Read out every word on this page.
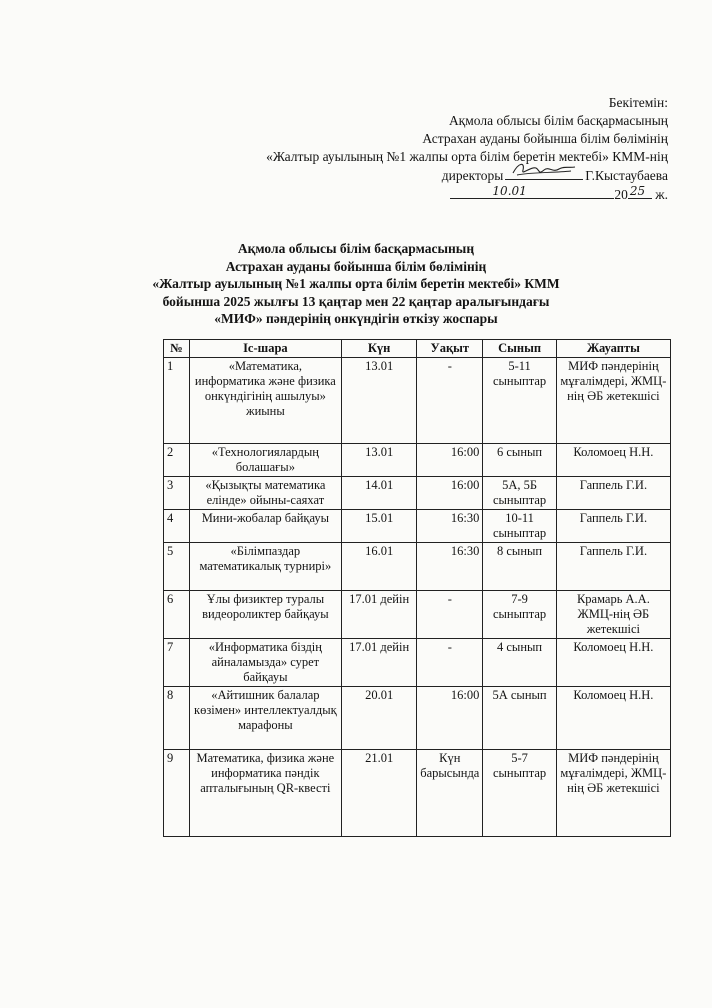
Бекітемін:
Ақмола облысы білім басқармасының
Астрахан ауданы бойынша білім бөлімінің
«Жалтыр ауылының №1 жалпы орта білім беретін мектебі» КММ-нің
директоры	Г.Кыстаубаева
10.01	20 25 ж.
Ақмола облысы білім басқармасының
Астрахан ауданы бойынша білім бөлімінің
«Жалтыр ауылының №1 жалпы орта білім беретін мектебі» КММ
бойынша 2025 жылғы 13 қаңтар мен 22 қаңтар аралығындағы
«МИФ» пәндерінің онкүндігін өткізу жоспары
№	Іс-шара	Күн	Уақыт	Сынып	Жауапты
1	«Математика, информатика және физика онкүндігінің ашылуы» жиыны	13.01	-	5-11 сыныптар	МИФ пәндерінің мұғалімдері, ЖМЦ-нің ӘБ жетекшісі
2	«Технологиялардың болашағы»	13.01	16:00	6 сынып	Коломоец Н.Н.
3	«Қызықты математика елінде» ойыны-саяхат	14.01	16:00	5А, 5Б сыныптар	Гаппель Г.И.
4	Мини-жобалар байқауы	15.01	16:30	10-11 сыныптар	Гаппель Г.И.
5	«Білімпаздар математикалық турнирі»	16.01	16:30	8 сынып	Гаппель Г.И.
6	Ұлы физиктер туралы видеороликтер байқауы	17.01 дейін	-	7-9 сыныптар	Крамарь А.А. ЖМЦ-нің ӘБ жетекшісі
7	«Информатика біздің айналамызда» сурет байқауы	17.01 дейін	-	4 сынып	Коломоец Н.Н.
8	«Айтишник балалар көзімен» интеллектуалдық марафоны	20.01	16:00	5А сынып	Коломоец Н.Н.
9	Математика, физика және информатика пәндік апталығының QR-квесті	21.01	Күн барысында	5-7 сыныптар	МИФ пәндерінің мұғалімдері, ЖМЦ-нің ӘБ жетекшісі
